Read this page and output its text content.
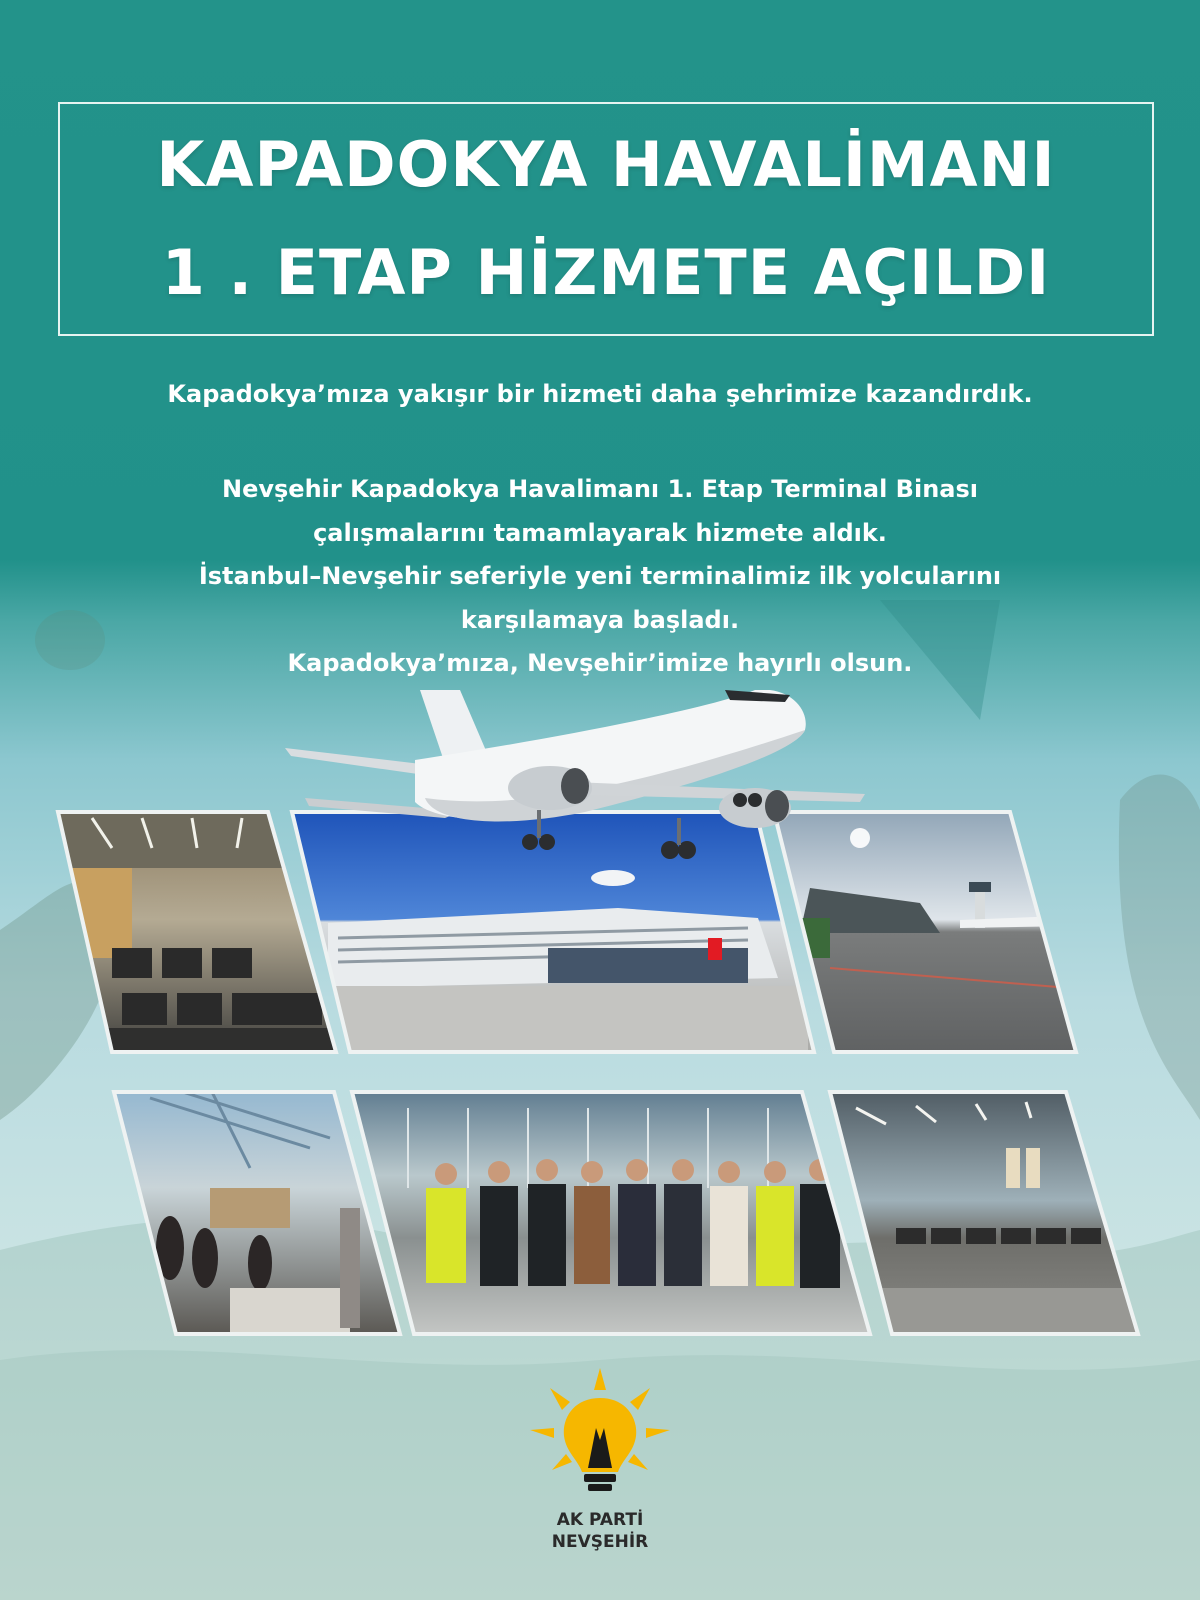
KAPADOKYA HAVALİMANI
1 . ETAP HİZMETE AÇILDI
Kapadokya’mıza yakışır bir hizmeti daha şehrimize kazandırdık.
Nevşehir Kapadokya Havalimanı 1. Etap Terminal Binası
çalışmalarını tamamlayarak hizmete aldık.
İstanbul–Nevşehir seferiyle yeni terminalimiz ilk yolcularını
karşılamaya başladı.
Kapadokya’mıza, Nevşehir’imize hayırlı olsun.
AK PARTİ
NEVŞEHİR
